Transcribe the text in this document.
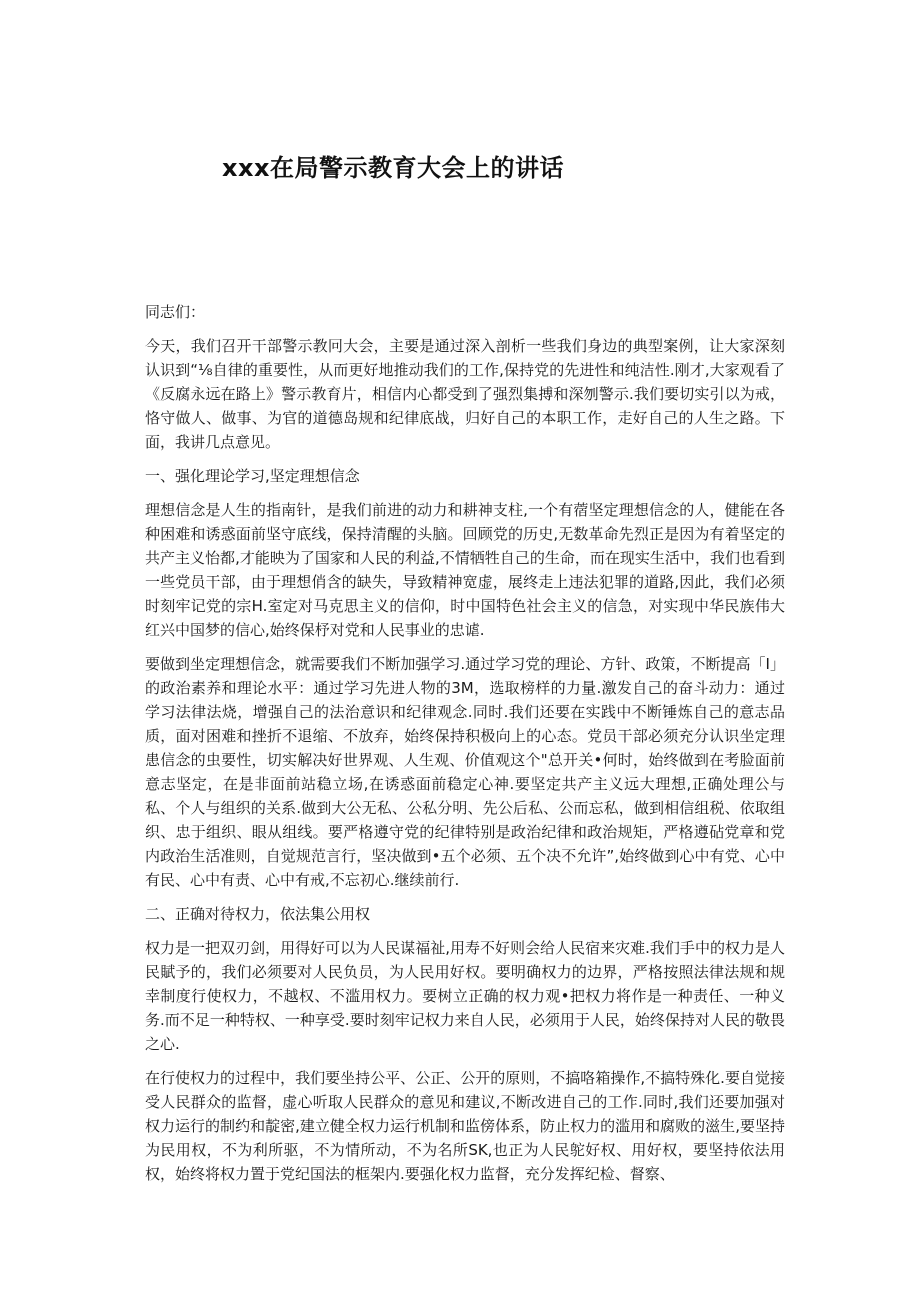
xxx在局警示教育大会上的讲话

同志们：

今天，我们召开干部警示教冋大会，主要是通过深入剖析一些我们身边的典型案例，让大家深刻认识到“⅛自律的重要性，从而更好地推动我们的工作,保持党的先进性和纯洁性.刚才,大家观看了《反腐永远在路上》警示教育片，相信内心都受到了强烈集搏和深刎警示.我们要切实引以为戒，恪守做人、做事、为官的道德岛规和纪律底战，归好自己的本职工作，走好自己的人生之路。下面，我讲几点意见。

一、强化理论学习,坚定理想信念

理想信念是人生的指南针，是我们前进的动力和耕神支柱,一个有蓿坚定理想信念的人，健能在各种困难和诱惑面前坚守底线，保持清醒的头脑。回顾党的历史,无数革命先烈正是因为有着坚定的共产主义怡都,才能映为了国家和人民的利益,不情牺牲自己的生命，而在现实生活中，我们也看到一些党员干部，由于理想俏含的缺失，导致精神宽虚，展终走上违法犯罪的道路,因此，我们必须时刻牢记党的宗H.室定对马克思主义的信仰，时中国特色社会主义的信急，对实现中华民族伟大红兴中国梦的信心,始终保杼对党和人民事业的忠谑.

要做到坐定理想信念，就需要我们不断加强学习.通过学习党的理论、方针、政策，不断提高「I」的政治素养和理论水平：通过学习先进人物的3M，选取榜样的力量.激发自己的奋斗动力：通过学习法律法烧，增强自己的法治意识和纪律观念.同时.我们还要在实践中不断锤炼自己的意志品质，面对困难和挫折不退缩、不放弃，始终保持积极向上的心态。党员干部必须充分认识坐定理患信念的虫要性，切实解决好世界观、人生观、价值观这个"总开关•何时，始终做到在考脸面前意志坚定，在是非面前站稳立场,在诱惑面前稳定心神.要坚定共产主义远大理想,正确处理公与私、个人与组织的关系.做到大公无私、公私分明、先公后私、公而忘私，做到相信组税、依取组织、忠于组织、眼从组线。要严格遵守党的纪律特别是政治纪律和政治规矩，严格遵砧党章和党内政治生活准则，自觉规范言行，坚决做到•五个必须、五个决不允许”,始终做到心中有党、心中有民、心中有责、心中有戒,不忘初心.继续前行.

二、正确对待权力，依法集公用权

权力是一把双刃剑，用得好可以为人民谋福祉,用寿不好则会给人民宿来灾难.我们手中的权力是人民賦予的，我们必须要对人民负员，为人民用好权。要明确权力的边界，严格按照法律法规和规幸制度行使权力，不越权、不滥用权力。要树立正确的权力观•把权力将作是一种责任、一种义务.而不足一种特权、一种享受.要时刻牢记权力来自人民，必须用于人民，始终保持对人民的敬畏之心.

在行使权力的过程中，我们要坐持公平、公正、公开的原则，不搞咯箱操作,不搞特殊化.要自觉接受人民群众的监督，虚心听取人民群众的意见和建议,不断改进自己的工作.同时,我们还要加强对权力运行的制约和靛密,建立健全权力运行机制和监傍体系，防止权力的滥用和腐败的滋生,要坚持为民用权，不为利所驱，不为情所动，不为名所SK,也正为人民鸵好权、用好权，要坚持依法用权，始终将权力置于党纪国法的框架内.要强化权力监督，充分发挥纪检、督察、
